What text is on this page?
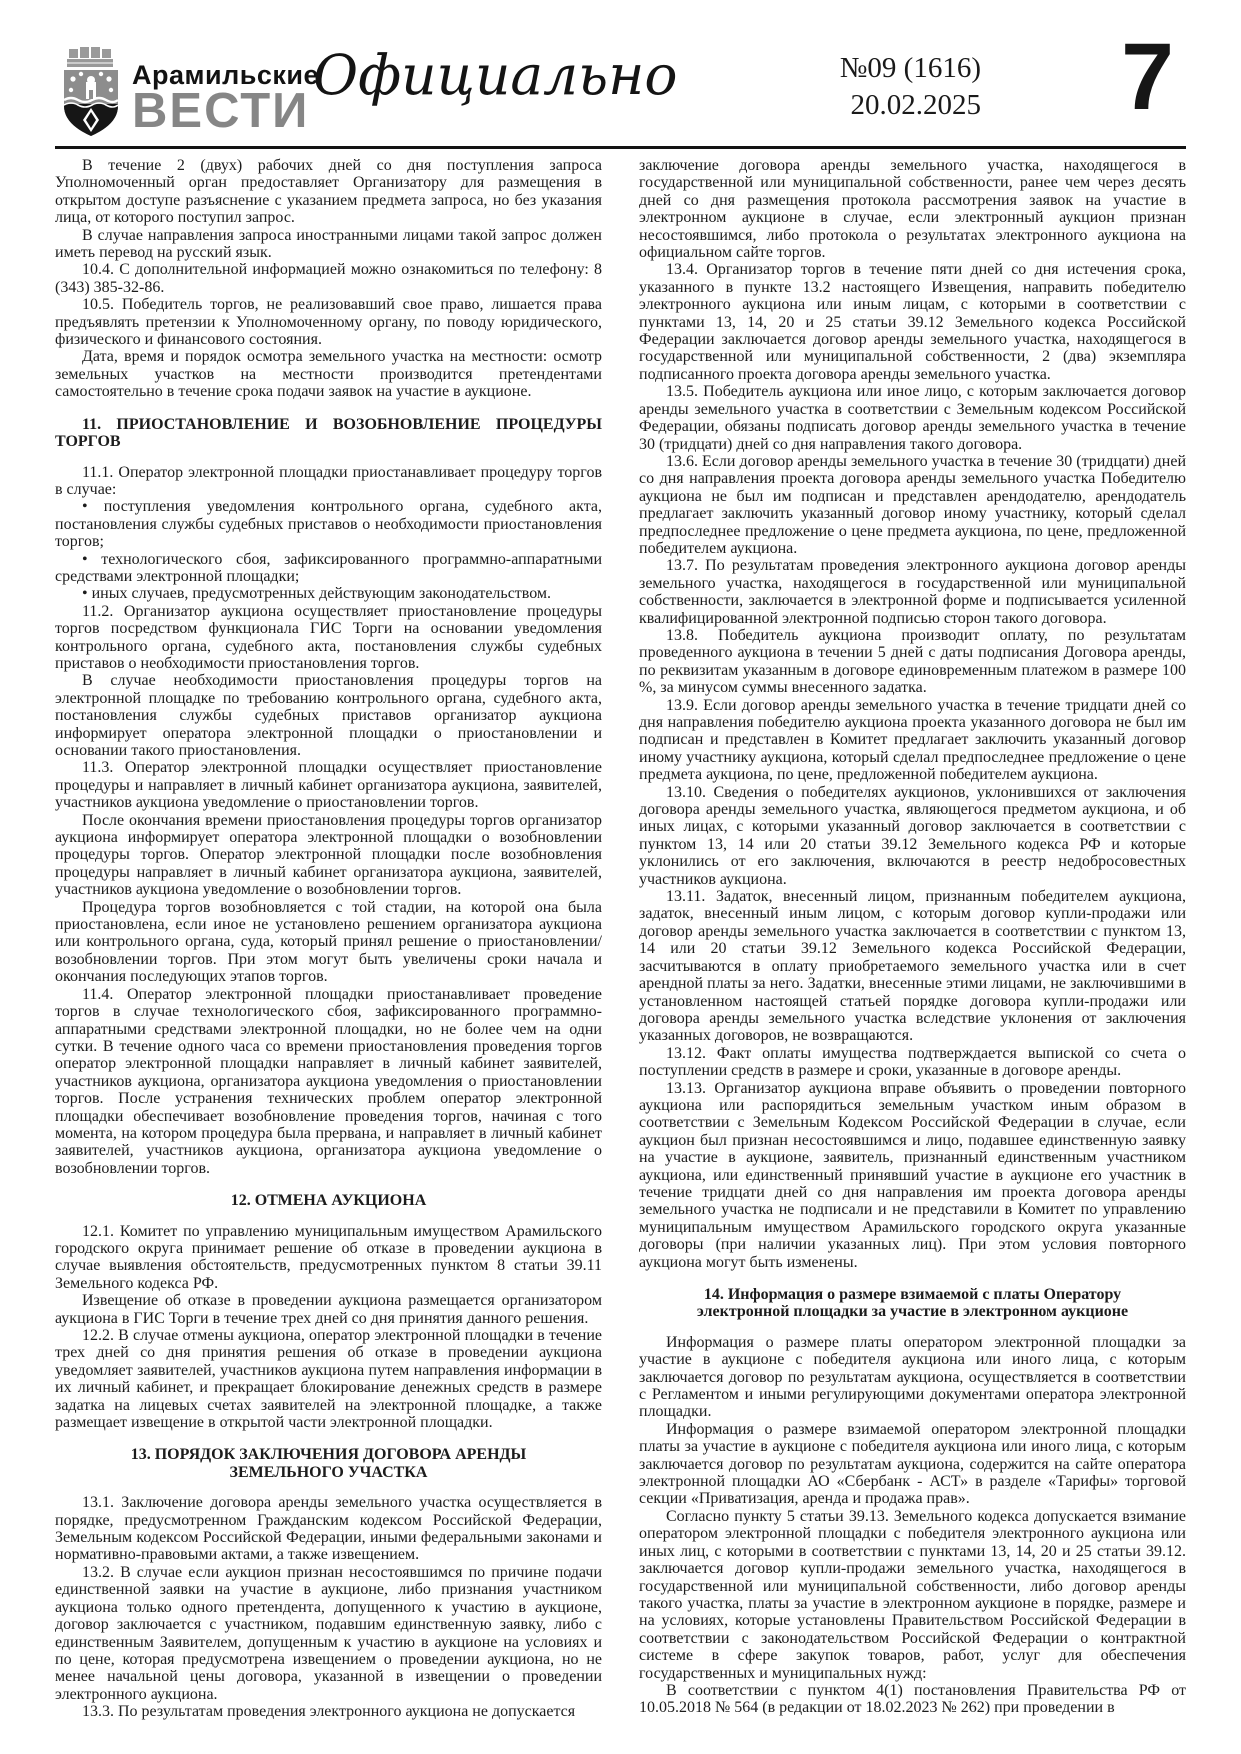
Арамильские
ВЕСТИ
Официально	№09 (1616)
20.02.2025 7

В течение 2 (двух) рабочих дней со дня поступления запроса Уполномоченный орган предоставляет Организатору для размещения в открытом доступе разъяснение с указанием предмета запроса, но без указания лица, от которого поступил запрос.

В случае направления запроса иностранными лицами такой запрос должен иметь перевод на русский язык.

10.4. С дополнительной информацией можно ознакомиться по телефону: 8 (343) 385-32-86.

10.5. Победитель торгов, не реализовавший свое право, лишается права предъявлять претензии к Уполномоченному органу, по поводу юридического, физического и финансового состояния.

Дата, время и порядок осмотра земельного участка на местности: осмотр земельных участков на местности производится претендентами самостоятельно в течение срока подачи заявок на участие в аукционе.

11. ПРИОСТАНОВЛЕНИЕ И ВОЗОБНОВЛЕНИЕ ПРОЦЕДУРЫ ТОРГОВ

11.1. Оператор электронной площадки приостанавливает процедуру торгов в случае:

• поступления уведомления контрольного органа, судебного акта, постановления службы судебных приставов о необходимости приостановления торгов;

• технологического сбоя, зафиксированного программно-аппаратными средствами электронной площадки;

• иных случаев, предусмотренных действующим законодательством.

11.2. Организатор аукциона осуществляет приостановление процедуры торгов посредством функционала ГИС Торги на основании уведомления контрольного органа, судебного акта, постановления службы судебных приставов о необходимости приостановления торгов.

В случае необходимости приостановления процедуры торгов на электронной площадке по требованию контрольного органа, судебного акта, постановления службы судебных приставов организатор аукциона информирует оператора электронной площадки о приостановлении и основании такого приостановления.

11.3. Оператор электронной площадки осуществляет приостановление процедуры и направляет в личный кабинет организатора аукциона, заявителей, участников аукциона уведомление о приостановлении торгов.

После окончания времени приостановления процедуры торгов организатор аукциона информирует оператора электронной площадки о возобновлении процедуры торгов. Оператор электронной площадки после возобновления процедуры направляет в личный кабинет организатора аукциона, заявителей, участников аукциона уведомление о возобновлении торгов.

Процедура торгов возобновляется с той стадии, на которой она была приостановлена, если иное не установлено решением организатора аукциона или контрольного органа, суда, который принял решение о приостановлении/ возобновлении торгов. При этом могут быть увеличены сроки начала и окончания последующих этапов торгов.

11.4. Оператор электронной площадки приостанавливает проведение торгов в случае технологического сбоя, зафиксированного программно-аппаратными средствами электронной площадки, но не более чем на одни сутки. В течение одного часа со времени приостановления проведения торгов оператор электронной площадки направляет в личный кабинет заявителей, участников аукциона, организатора аукциона уведомления о приостановлении торгов. После устранения технических проблем оператор электронной площадки обеспечивает возобновление проведения торгов, начиная с того момента, на котором процедура была прервана, и направляет в личный кабинет заявителей, участников аукциона, организатора аукциона уведомление о возобновлении торгов.

12. ОТМЕНА АУКЦИОНА

12.1. Комитет по управлению муниципальным имуществом Арамильского городского округа принимает решение об отказе в проведении аукциона в случае выявления обстоятельств, предусмотренных пунктом 8 статьи 39.11 Земельного кодекса РФ.

Извещение об отказе в проведении аукциона размещается организатором аукциона в ГИС Торги в течение трех дней со дня принятия данного решения.

12.2. В случае отмены аукциона, оператор электронной площадки в течение трех дней со дня принятия решения об отказе в проведении аукциона уведомляет заявителей, участников аукциона путем направления информации в их личный кабинет, и прекращает блокирование денежных средств в размере задатка на лицевых счетах заявителей на электронной площадке, а также размещает извещение в открытой части электронной площадки.

13. ПОРЯДОК ЗАКЛЮЧЕНИЯ ДОГОВОРА АРЕНДЫ ЗЕМЕЛЬНОГО УЧАСТКА

13.1. Заключение договора аренды земельного участка осуществляется в порядке, предусмотренном Гражданским кодексом Российской Федерации, Земельным кодексом Российской Федерации, иными федеральными законами и нормативно-правовыми актами, а также извещением.

13.2. В случае если аукцион признан несостоявшимся по причине подачи единственной заявки на участие в аукционе, либо признания участником аукциона только одного претендента, допущенного к участию в аукционе, договор заключается с участником, подавшим единственную заявку, либо с единственным Заявителем, допущенным к участию в аукционе на условиях и по цене, которая предусмотрена извещением о проведении аукциона, но не менее начальной цены договора, указанной в извещении о проведении электронного аукциона.

13.3. По результатам проведения электронного аукциона не допускается

заключение договора аренды земельного участка, находящегося в государственной или муниципальной собственности, ранее чем через десять дней со дня размещения протокола рассмотрения заявок на участие в электронном аукционе в случае, если электронный аукцион признан несостоявшимся, либо протокола о результатах электронного аукциона на официальном сайте торгов.

13.4. Организатор торгов в течение пяти дней со дня истечения срока, указанного в пункте 13.2 настоящего Извещения, направить победителю электронного аукциона или иным лицам, с которыми в соответствии с пунктами 13, 14, 20 и 25 статьи 39.12 Земельного кодекса Российской Федерации заключается договор аренды земельного участка, находящегося в государственной или муниципальной собственности, 2 (два) экземпляра подписанного проекта договора аренды земельного участка.

13.5. Победитель аукциона или иное лицо, с которым заключается договор аренды земельного участка в соответствии с Земельным кодексом Российской Федерации, обязаны подписать договор аренды земельного участка в течение 30 (тридцати) дней со дня направления такого договора.

13.6. Если договор аренды земельного участка в течение 30 (тридцати) дней со дня направления проекта договора аренды земельного участка Победителю аукциона не был им подписан и представлен арендодателю, арендодатель предлагает заключить указанный договор иному участнику, который сделал предпоследнее предложение о цене предмета аукциона, по цене, предложенной победителем аукциона.

13.7. По результатам проведения электронного аукциона договор аренды земельного участка, находящегося в государственной или муниципальной собственности, заключается в электронной форме и подписывается усиленной квалифицированной электронной подписью сторон такого договора.

13.8. Победитель аукциона производит оплату, по результатам проведенного аукциона в течении 5 дней с даты подписания Договора аренды, по реквизитам указанным в договоре единовременным платежом в размере 100 %, за минусом суммы внесенного задатка.

13.9. Если договор аренды земельного участка в течение тридцати дней со дня направления победителю аукциона проекта указанного договора не был им подписан и представлен в Комитет предлагает заключить указанный договор иному участнику аукциона, который сделал предпоследнее предложение о цене предмета аукциона, по цене, предложенной победителем аукциона.

13.10. Сведения о победителях аукционов, уклонившихся от заключения договора аренды земельного участка, являющегося предметом аукциона, и об иных лицах, с которыми указанный договор заключается в соответствии с пунктом 13, 14 или 20 статьи 39.12 Земельного кодекса РФ и которые уклонились от его заключения, включаются в реестр недобросовестных участников аукциона.

13.11. Задаток, внесенный лицом, признанным победителем аукциона, задаток, внесенный иным лицом, с которым договор купли-продажи или договор аренды земельного участка заключается в соответствии с пунктом 13, 14 или 20 статьи 39.12 Земельного кодекса Российской Федерации, засчитываются в оплату приобретаемого земельного участка или в счет арендной платы за него. Задатки, внесенные этими лицами, не заключившими в установленном настоящей статьей порядке договора купли-продажи или договора аренды земельного участка вследствие уклонения от заключения указанных договоров, не возвращаются.

13.12. Факт оплаты имущества подтверждается выпиской со счета о поступлении средств в размере и сроки, указанные в договоре аренды.

13.13. Организатор аукциона вправе объявить о проведении повторного аукциона или распорядиться земельным участком иным образом в соответствии с Земельным Кодексом Российской Федерации в случае, если аукцион был признан несостоявшимся и лицо, подавшее единственную заявку на участие в аукционе, заявитель, признанный единственным участником аукциона, или единственный принявший участие в аукционе его участник в течение тридцати дней со дня направления им проекта договора аренды земельного участка не подписали и не представили в Комитет по управлению муниципальным имуществом Арамильского городского округа указанные договоры (при наличии указанных лиц). При этом условия повторного аукциона могут быть изменены.

14. Информация о размере взимаемой с платы Оператору электронной площадки за участие в электронном аукционе

Информация о размере платы оператором электронной площадки за участие в аукционе с победителя аукциона или иного лица, с которым заключается договор по результатам аукциона, осуществляется в соответствии с Регламентом и иными регулирующими документами оператора электронной площадки.

Информация о размере взимаемой оператором электронной площадки платы за участие в аукционе с победителя аукциона или иного лица, с которым заключается договор по результатам аукциона, содержится на сайте оператора электронной площадки АО «Сбербанк - АСТ» в разделе «Тарифы» торговой секции «Приватизация, аренда и продажа прав».

Согласно пункту 5 статьи 39.13. Земельного кодекса допускается взимание оператором электронной площадки с победителя электронного аукциона или иных лиц, с которыми в соответствии с пунктами 13, 14, 20 и 25 статьи 39.12. заключается договор купли-продажи земельного участка, находящегося в государственной или муниципальной собственности, либо договор аренды такого участка, платы за участие в электронном аукционе в порядке, размере и на условиях, которые установлены Правительством Российской Федерации в соответствии с законодательством Российской Федерации о контрактной системе в сфере закупок товаров, работ, услуг для обеспечения государственных и муниципальных нужд:

В соответствии с пунктом 4(1) постановления Правительства РФ от 10.05.2018 № 564 (в редакции от 18.02.2023 № 262) при проведении в
